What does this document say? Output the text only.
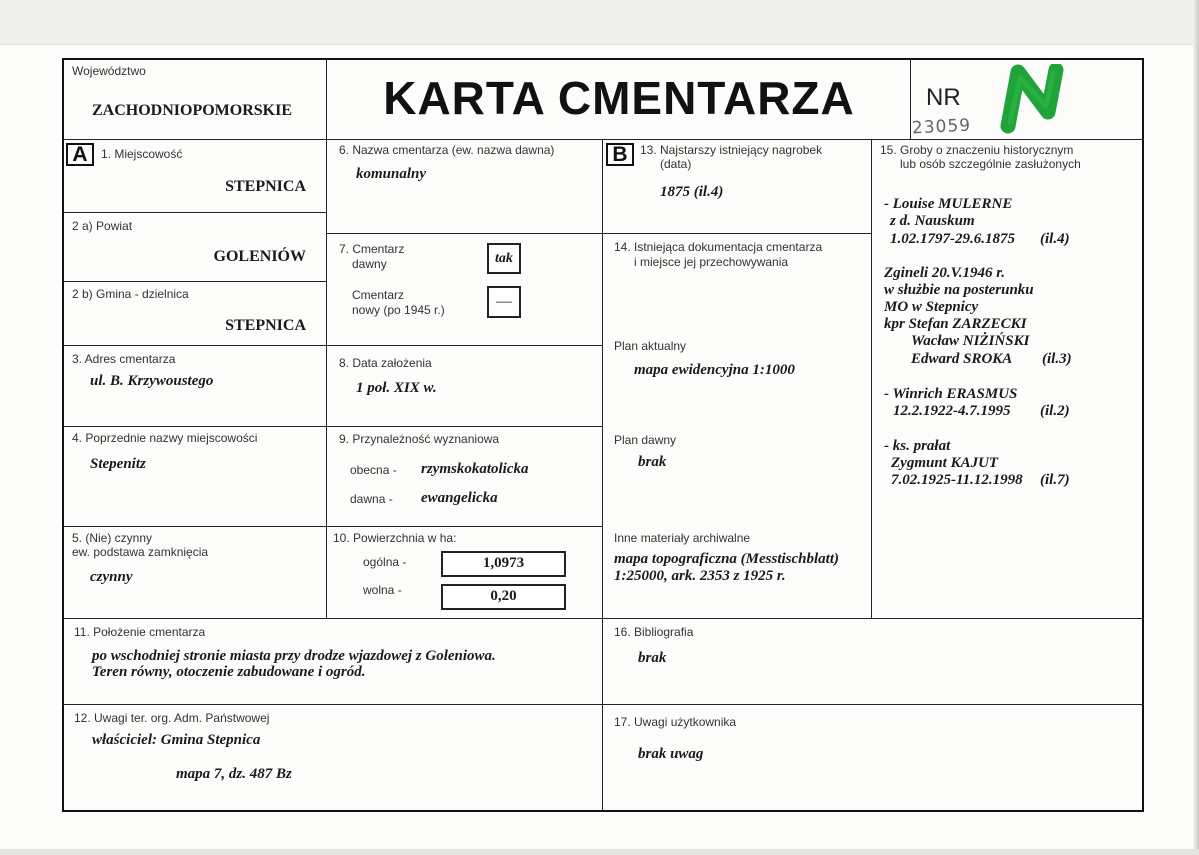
Województwo
ZACHODNIOPOMORSKIE	KARTA CMENTARZA	NR
23059
A	B
1. Miejscowość
STEPNICA
2 a) Powiat
GOLENIÓW
2 b) Gmina - dzielnica
STEPNICA
3. Adres cmentarza
ul. B. Krzywoustego
4. Poprzednie nazwy miejscowości
Stepenitz
5. (Nie) czynny
ew. podstawa zamknięcia
czynny
6. Nazwa cmentarza (ew. nazwa dawna)
komunalny
7. Cmentarz
dawny	tak
Cmentarz
nowy (po 1945 r.)	—
8. Data założenia
1 poł. XIX w.
9. Przynależność wyznaniowa
obecna - rzymskokatolicka
dawna - ewangelicka
10. Powierzchnia w ha:
ogólna -	1,0973
wolna -	0,20
11. Położenie cmentarza
po wschodniej stronie miasta przy drodze wjazdowej z Goleniowa.
Teren równy, otoczenie zabudowane i ogród.
12. Uwagi ter. org. Adm. Państwowej
właściciel: Gmina Stepnica
mapa 7, dz. 487 Bz
13. Najstarszy istniejący nagrobek
(data)
1875 (il.4)
14. Istniejąca dokumentacja cmentarza
i miejsce jej przechowywania
Plan aktualny
mapa ewidencyjna 1:1000
Plan dawny
brak
Inne materiały archiwalne
mapa topograficzna (Messtischblatt)
1:25000, ark. 2353 z 1925 r.
16. Bibliografia
brak
17. Uwagi użytkownika
brak uwag
15. Groby o znaczeniu historycznym
lub osób szczególnie zasłużonych
- Louise MULERNE
z d. Nauskum
1.02.1797-29.6.1875 (il.4)
Zgineli 20.V.1946 r.
w służbie na posterunku
MO w Stepnicy
kpr Stefan ZARZECKI
Wacław NIŻIŃSKI
Edward SROKA (il.3)
- Winrich ERASMUS
12.2.1922-4.7.1995 (il.2)
- ks. prałat
Zygmunt KAJUT
7.02.1925-11.12.1998 (il.7)
